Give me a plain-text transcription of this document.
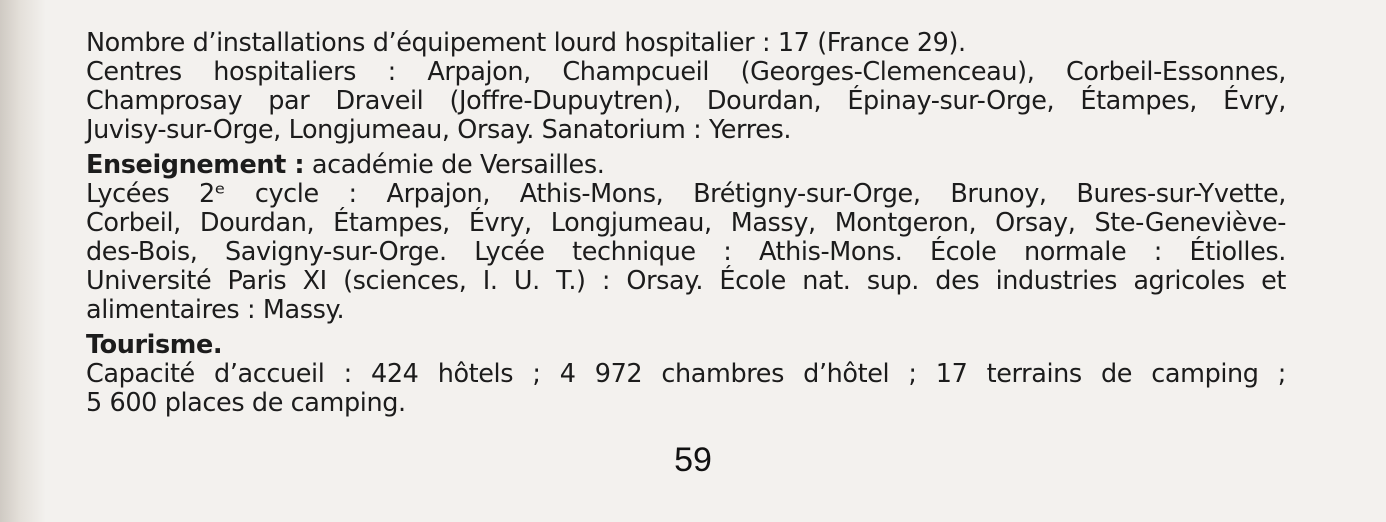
Nombre d’installations d’équipement lourd hospitalier : 17 (France 29).
Centres hospitaliers : Arpajon, Champcueil (Georges-Clemenceau), Corbeil-Essonnes,
Champrosay par Draveil (Joffre-Dupuytren), Dourdan, Épinay-sur-Orge, Étampes, Évry,
Juvisy-sur-Orge, Longjumeau, Orsay. Sanatorium : Yerres.
Enseignement : académie de Versailles.
Lycées 2ᵉ cycle : Arpajon, Athis-Mons, Brétigny-sur-Orge, Brunoy, Bures-sur-Yvette,
Corbeil, Dourdan, Étampes, Évry, Longjumeau, Massy, Montgeron, Orsay, Ste-Geneviève-
des-Bois, Savigny-sur-Orge. Lycée technique : Athis-Mons. École normale : Étiolles.
Université Paris XI (sciences, I. U. T.) : Orsay. École nat. sup. des industries agricoles et
alimentaires : Massy.
Tourisme.
Capacité d’accueil : 424 hôtels ; 4 972 chambres d’hôtel ; 17 terrains de camping ;
5 600 places de camping.
59
